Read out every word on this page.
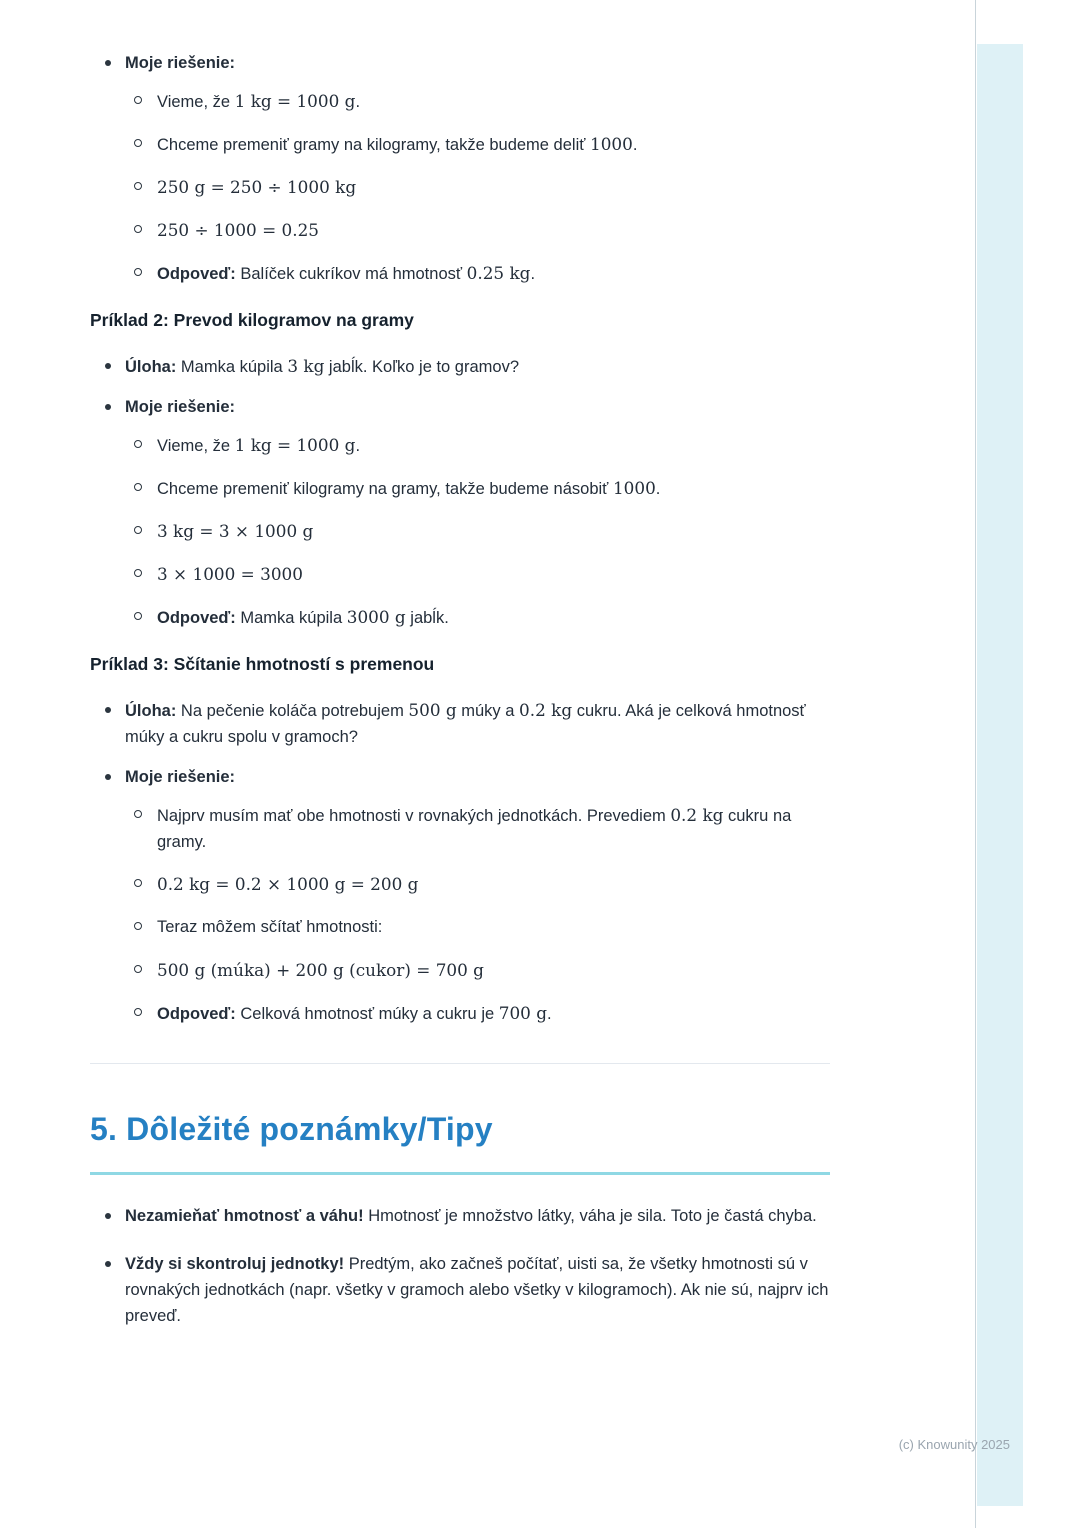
Moje riešenie:
Vieme, že 1 kg = 1000 g.
Chceme premeniť gramy na kilogramy, takže budeme deliť 1000.
250 g = 250 ÷ 1000 kg
250 ÷ 1000 = 0.25
Odpoveď: Balíček cukríkov má hmotnosť 0.25 kg.
Príklad 2: Prevod kilogramov na gramy
Úloha: Mamka kúpila 3 kg jabĺk. Koľko je to gramov?
Moje riešenie:
Vieme, že 1 kg = 1000 g.
Chceme premeniť kilogramy na gramy, takže budeme násobiť 1000.
3 kg = 3 × 1000 g
3 × 1000 = 3000
Odpoveď: Mamka kúpila 3000 g jabĺk.
Príklad 3: Sčítanie hmotností s premenou
Úloha: Na pečenie koláča potrebujem 500 g múky a 0.2 kg cukru. Aká je celková hmotnosť múky a cukru spolu v gramoch?
Moje riešenie:
Najprv musím mať obe hmotnosti v rovnakých jednotkách. Prevediem 0.2 kg cukru na gramy.
0.2 kg = 0.2 × 1000 g = 200 g
Teraz môžem sčítať hmotnosti:
500 g (múka) + 200 g (cukor) = 700 g
Odpoveď: Celková hmotnosť múky a cukru je 700 g.
5. Dôležité poznámky/Tipy
Nezamieňať hmotnosť a váhu! Hmotnosť je množstvo látky, váha je sila. Toto je častá chyba.
Vždy si skontroluj jednotky! Predtým, ako začneš počítať, uisti sa, že všetky hmotnosti sú v rovnakých jednotkách (napr. všetky v gramoch alebo všetky v kilogramoch). Ak nie sú, najprv ich preveď.
(c) Knowunity 2025
